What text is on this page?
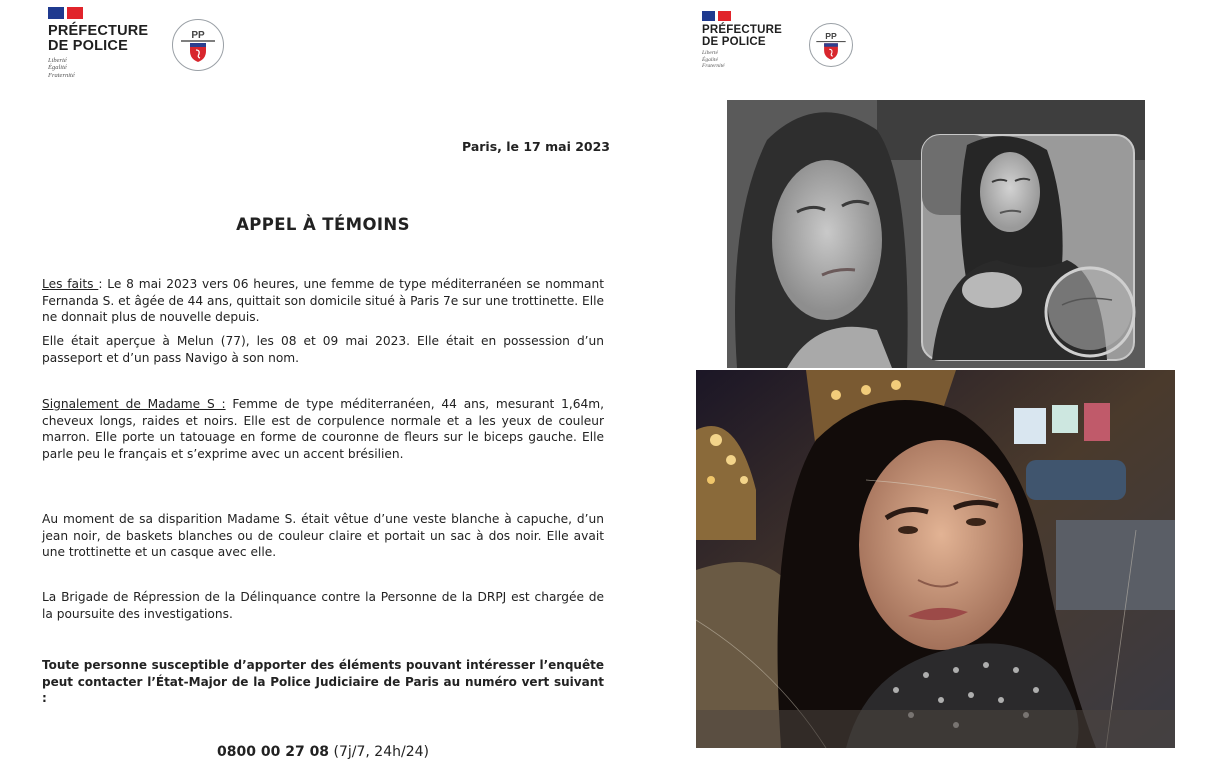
PRÉFECTURE
DE POLICE
Liberté
Égalité
Fraternité
PP
Paris, le 17 mai 2023
APPEL À TÉMOINS
Les faits : Le 8 mai 2023 vers 06 heures, une femme de type méditerranéen se nommant Fernanda S. et âgée de 44 ans, quittait son domicile situé à Paris 7e sur une trottinette. Elle ne donnait plus de nouvelle depuis.
Elle était aperçue à Melun (77), les 08 et 09 mai 2023. Elle était en possession d’un passeport et d’un pass Navigo à son nom.
Signalement de Madame S : Femme de type méditerranéen, 44 ans, mesurant 1,64m, cheveux longs, raides et noirs. Elle est de corpulence normale et a les yeux de couleur marron. Elle porte un tatouage en forme de couronne de fleurs sur le biceps gauche. Elle parle peu le français et s’exprime avec un accent brésilien.
Au moment de sa disparition Madame S. était vêtue d’une veste blanche à capuche, d’un jean noir, de baskets blanches ou de couleur claire et portait un sac à dos noir. Elle avait une trottinette et un casque avec elle.
La Brigade de Répression de la Délinquance contre la Personne de la DRPJ est chargée de la poursuite des investigations.
Toute personne susceptible d’apporter des éléments pouvant intéresser l’enquête peut contacter l’État-Major de la Police Judiciaire de Paris au numéro vert suivant :
0800 00 27 08 (7j/7, 24h/24)
PRÉFECTURE
DE POLICE
Liberté
Égalité
Fraternité
PP
